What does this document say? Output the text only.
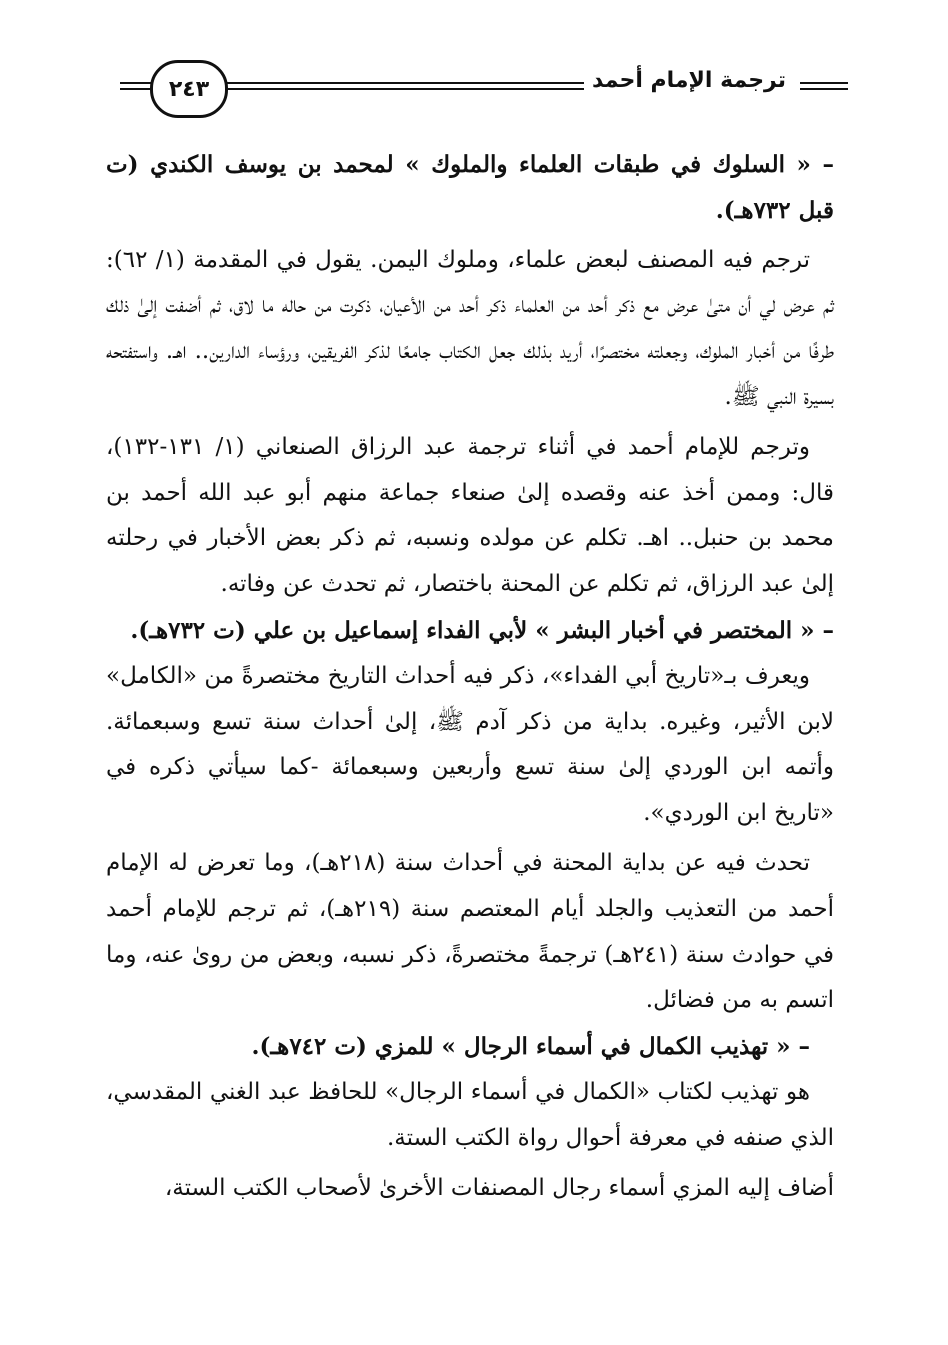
٢٤٣	ترجمة الإمام أحمد

– « السلوك في طبقات العلماء والملوك » لمحمد بن يوسف الكندي (ت قبل ٧٣٢هـ).

ترجم فيه المصنف لبعض علماء، وملوك اليمن. يقول في المقدمة (١/ ٦٢): ثم عرض لي أن متىٰ عرض مع ذكر أحد من العلماء ذكر أحد من الأعيان، ذكرت من حاله ما لاق، ثم أضفت إلىٰ ذلك طرفًا من أخبار الملوك، وجعلته مختصرًا، أريد بذلك جعل الكتاب جامعًا لذكر الفريقين، ورؤساء الدارين.. اهـ. واستفتحه بسيرة النبي ﷺ.

وترجم للإمام أحمد في أثناء ترجمة عبد الرزاق الصنعاني (١/ ١٣١-١٣٢)، قال: وممن أخذ عنه وقصده إلىٰ صنعاء جماعة منهم أبو عبد الله أحمد بن محمد بن حنبل.. اهـ. تكلم عن مولده ونسبه، ثم ذكر بعض الأخبار في رحلته إلىٰ عبد الرزاق، ثم تكلم عن المحنة باختصار، ثم تحدث عن وفاته.

– « المختصر في أخبار البشر » لأبي الفداء إسماعيل بن علي (ت ٧٣٢هـ).

ويعرف بـ«تاريخ أبي الفداء»، ذكر فيه أحداث التاريخ مختصرةً من «الكامل» لابن الأثير، وغيره. بداية من ذكر آدم ﷺ، إلىٰ أحداث سنة تسع وسبعمائة. وأتمه ابن الوردي إلىٰ سنة تسع وأربعين وسبعمائة -كما سيأتي ذكره في «تاريخ ابن الوردي».

تحدث فيه عن بداية المحنة في أحداث سنة (٢١٨هـ)، وما تعرض له الإمام أحمد من التعذيب والجلد أيام المعتصم سنة (٢١٩هـ)، ثم ترجم للإمام أحمد في حوادث سنة (٢٤١هـ) ترجمةً مختصرةً، ذكر نسبه، وبعض من روىٰ عنه، وما اتسم به من فضائل.

– « تهذيب الكمال في أسماء الرجال » للمزي (ت ٧٤٢هـ).

هو تهذيب لكتاب «الكمال في أسماء الرجال» للحافظ عبد الغني المقدسي، الذي صنفه في معرفة أحوال رواة الكتب الستة.

أضاف إليه المزي أسماء رجال المصنفات الأخرىٰ لأصحاب الكتب الستة،
